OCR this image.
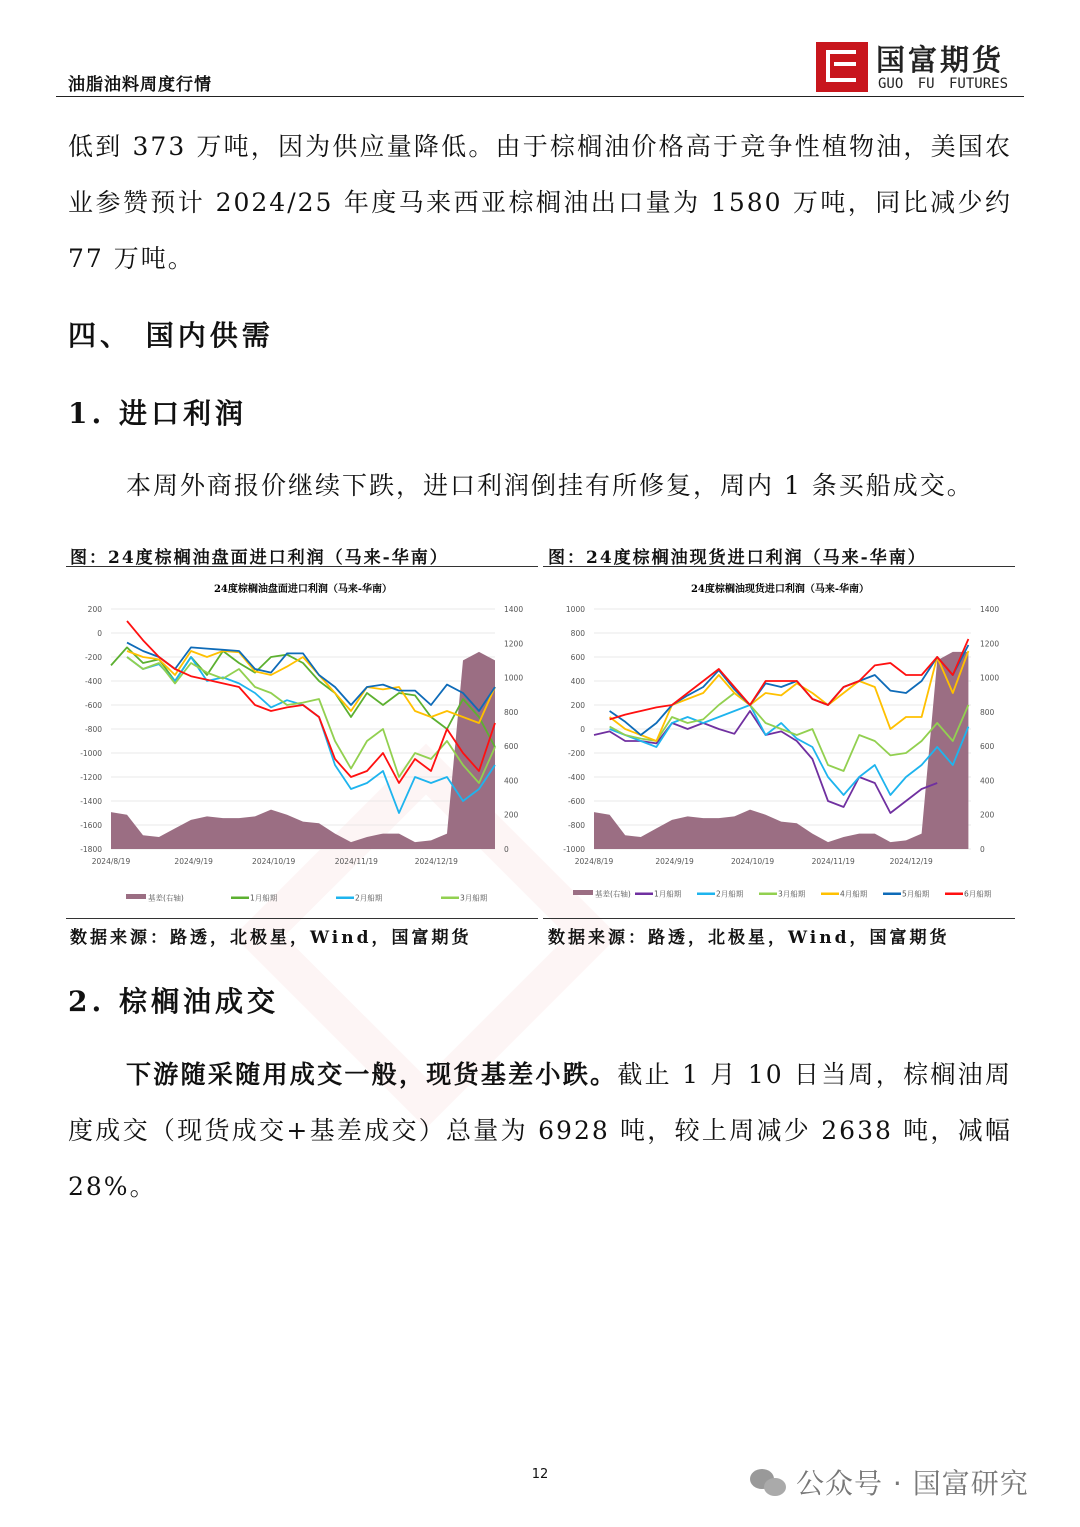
油脂油料周度行情
国富期货
GUO FU FUTURES
低到 373 万吨，因为供应量降低。由于棕榈油价格高于竞争性植物油，美国农业参赞预计 2024/25 年度马来西亚棕榈油出口量为 1580 万吨，同比减少约 77 万吨。
四、 国内供需
1. 进口利润
本周外商报价继续下跌，进口利润倒挂有所修复，周内 1 条买船成交。
图：24度棕榈油盘面进口利润（马来-华南）	图：24度棕榈油现货进口利润（马来-华南）
24度棕榈油盘面进口利润（马来-华南）
200
0
-200
-400
-600
-800
-1000
-1200
-1400
-1600
-1800
1400
1200
1000
800
600
400
200
0
2024/8/19	2024/9/19	2024/10/19	2024/11/19	2024/12/19
基差(右轴)	1月船期	2月船期	3月船期
24度棕榈油现货进口利润（马来-华南）
1000
800
600
400
200
0
-200
-400
-600
-800
-1000
1400
1200
1000
800
600
400
200
0
2024/8/19	2024/9/19	2024/10/19	2024/11/19	2024/12/19
基差(右轴)	1月船期	2月船期	3月船期	4月船期	5月船期	6月船期
数据来源：路透，北极星，Wind，国富期货	数据来源：路透，北极星，Wind，国富期货
2. 棕榈油成交
下游随采随用成交一般，现货基差小跌。截止 1 月 10 日当周，棕榈油周度成交（现货成交+基差成交）总量为 6928 吨，较上周减少 2638 吨，减幅 28%。
12	公众号 · 国富研究
